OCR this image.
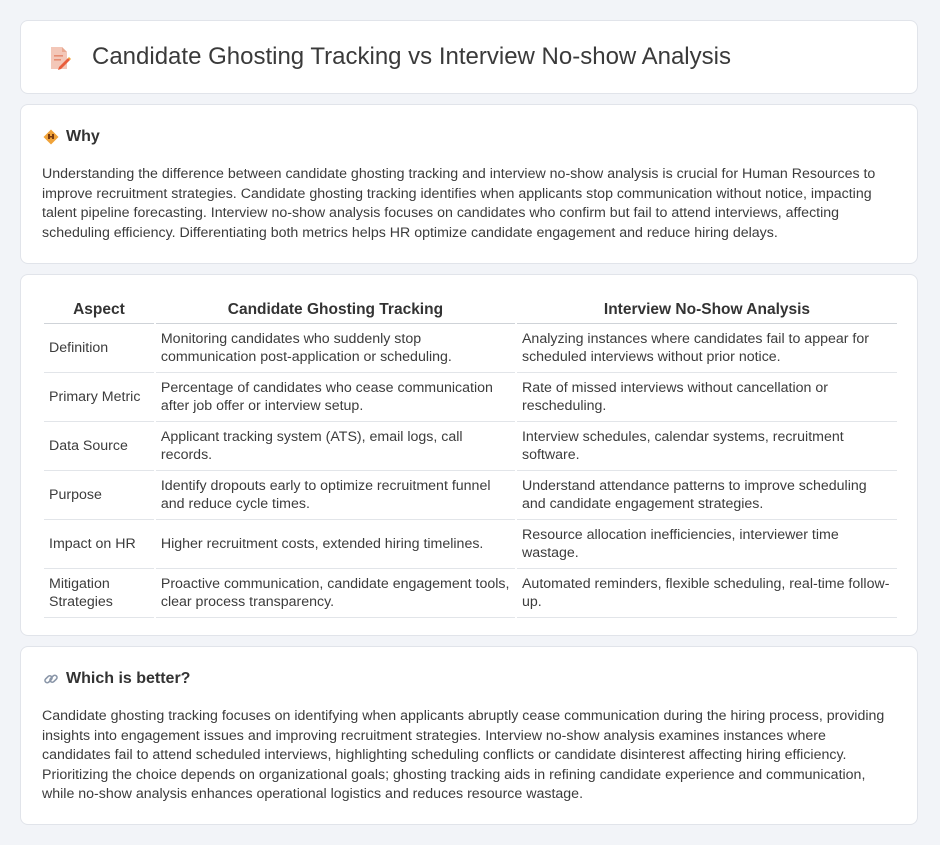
Candidate Ghosting Tracking vs Interview No-show Analysis
Why

Understanding the difference between candidate ghosting tracking and interview no-show analysis is crucial for Human Resources to improve recruitment strategies. Candidate ghosting tracking identifies when applicants stop communication without notice, impacting talent pipeline forecasting. Interview no-show analysis focuses on candidates who confirm but fail to attend interviews, affecting scheduling efficiency. Differentiating both metrics helps HR optimize candidate engagement and reduce hiring delays.

Aspect	Candidate Ghosting Tracking	Interview No-Show Analysis
Definition	Monitoring candidates who suddenly stop communication post-application or scheduling.	Analyzing instances where candidates fail to appear for scheduled interviews without prior notice.
Primary Metric	Percentage of candidates who cease communication after job offer or interview setup.	Rate of missed interviews without cancellation or rescheduling.
Data Source	Applicant tracking system (ATS), email logs, call records.	Interview schedules, calendar systems, recruitment software.
Purpose	Identify dropouts early to optimize recruitment funnel and reduce cycle times.	Understand attendance patterns to improve scheduling and candidate engagement strategies.
Impact on HR	Higher recruitment costs, extended hiring timelines.	Resource allocation inefficiencies, interviewer time wastage.
Mitigation Strategies	Proactive communication, candidate engagement tools, clear process transparency.	Automated reminders, flexible scheduling, real-time follow-up.
Which is better?

Candidate ghosting tracking focuses on identifying when applicants abruptly cease communication during the hiring process, providing insights into engagement issues and improving recruitment strategies. Interview no-show analysis examines instances where candidates fail to attend scheduled interviews, highlighting scheduling conflicts or candidate disinterest affecting hiring efficiency. Prioritizing the choice depends on organizational goals; ghosting tracking aids in refining candidate experience and communication, while no-show analysis enhances operational logistics and reduces resource wastage.
